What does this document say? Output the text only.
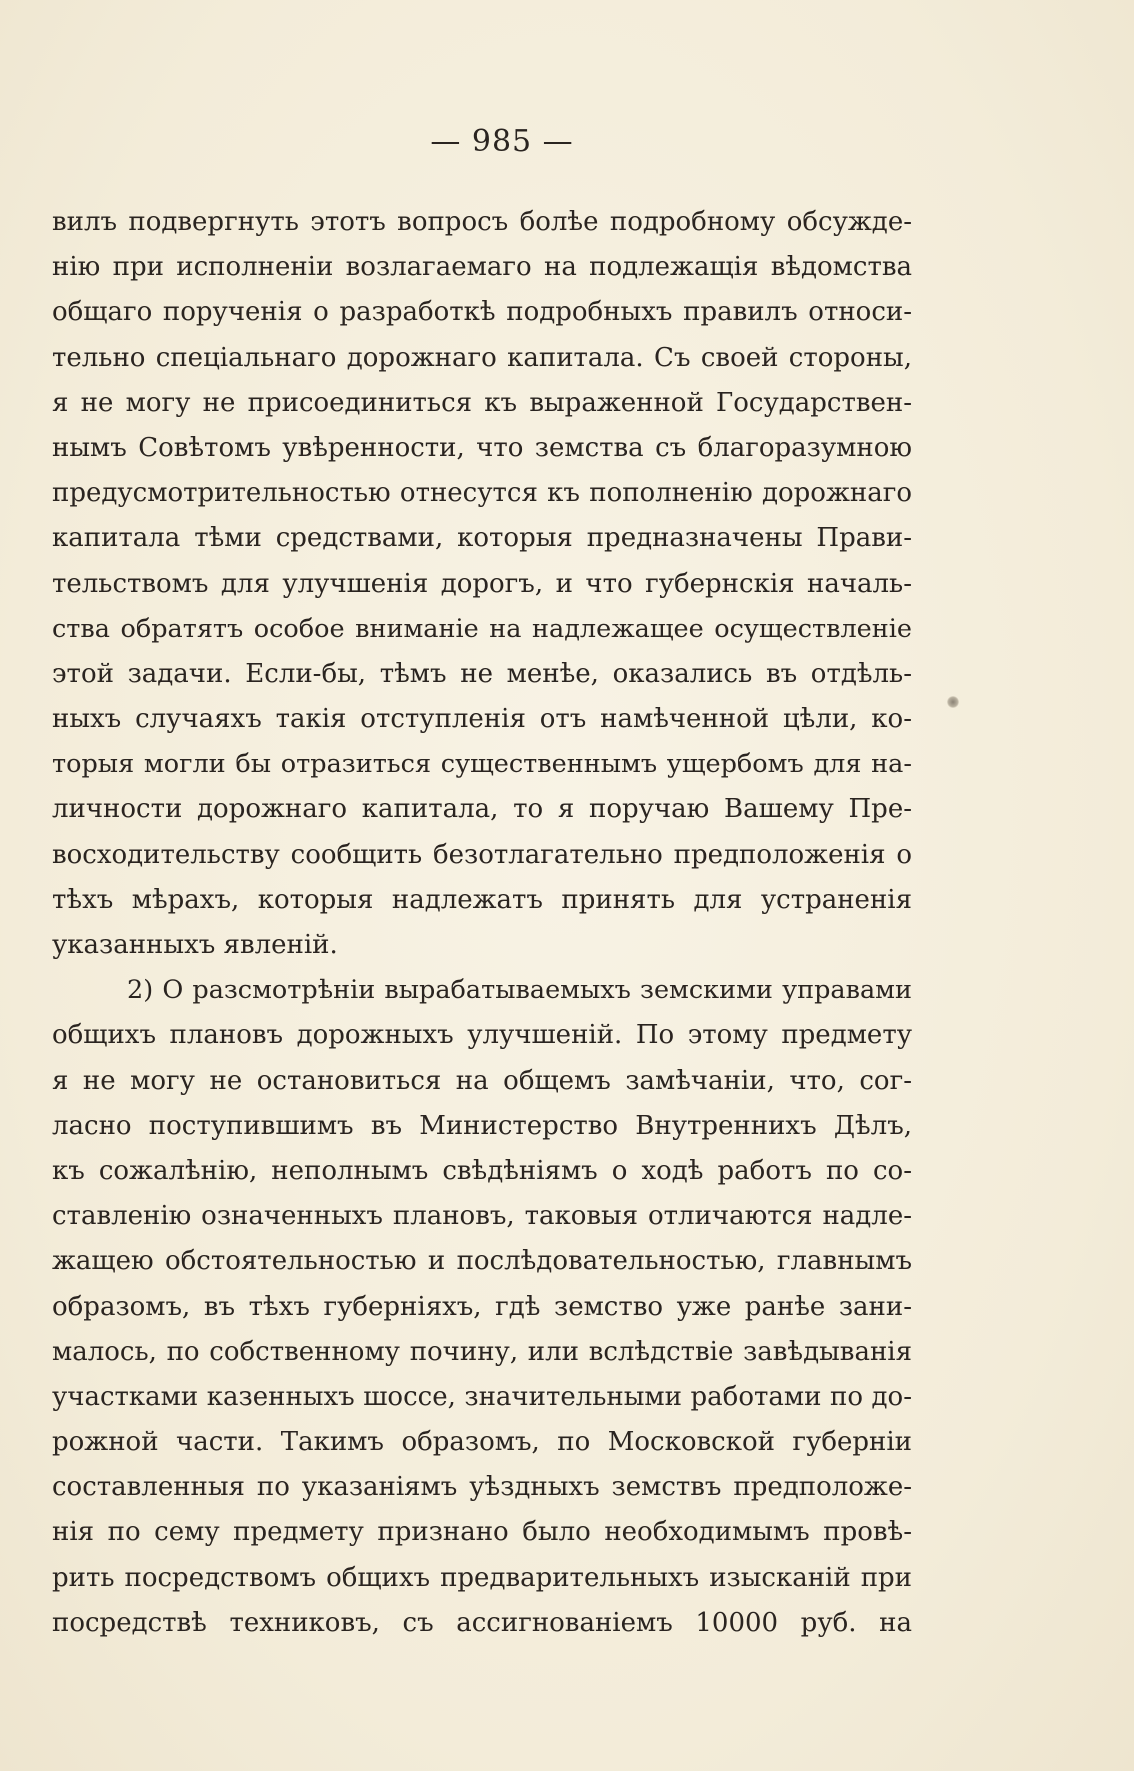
— 985 —
вилъ подвергнуть этотъ вопросъ болѣе подробному обсужде-
нію при исполненіи возлагаемаго на подлежащія вѣдомства
общаго порученія о разработкѣ подробныхъ правилъ относи-
тельно спеціальнаго дорожнаго капитала. Съ своей стороны,
я не могу не присоединиться къ выраженной Государствен-
нымъ Совѣтомъ увѣренности, что земства съ благоразумною
предусмотрительностью отнесутся къ пополненію дорожнаго
капитала тѣми средствами, которыя предназначены Прави-
тельствомъ для улучшенія дорогъ, и что губернскія началь-
ства обратятъ особое вниманіе на надлежащее осуществленіе
этой задачи. Если-бы, тѣмъ не менѣе, оказались въ отдѣль-
ныхъ случаяхъ такія отступленія отъ намѣченной цѣли, ко-
торыя могли бы отразиться существеннымъ ущербомъ для на-
личности дорожнаго капитала, то я поручаю Вашему Пре-
восходительству сообщить безотлагательно предположенія о
тѣхъ мѣрахъ, которыя надлежатъ принять для устраненія
указанныхъ явленій.
2) О разсмотрѣніи вырабатываемыхъ земскими управами
общихъ плановъ дорожныхъ улучшеній. По этому предмету
я не могу не остановиться на общемъ замѣчаніи, что, сог-
ласно поступившимъ въ Министерство Внутреннихъ Дѣлъ,
къ сожалѣнію, неполнымъ свѣдѣніямъ о ходѣ работъ по со-
ставленію означенныхъ плановъ, таковыя отличаются надле-
жащею обстоятельностью и послѣдовательностью, главнымъ
образомъ, въ тѣхъ губерніяхъ, гдѣ земство уже ранѣе зани-
малось, по собственному почину, или вслѣдствіе завѣдыванія
участками казенныхъ шоссе, значительными работами по до-
рожной части. Такимъ образомъ, по Московской губерніи
составленныя по указаніямъ уѣздныхъ земствъ предположе-
нія по сему предмету признано было необходимымъ провѣ-
рить посредствомъ общихъ предварительныхъ изысканій при
посредствѣ техниковъ, съ ассигнованіемъ 10000 руб. на
